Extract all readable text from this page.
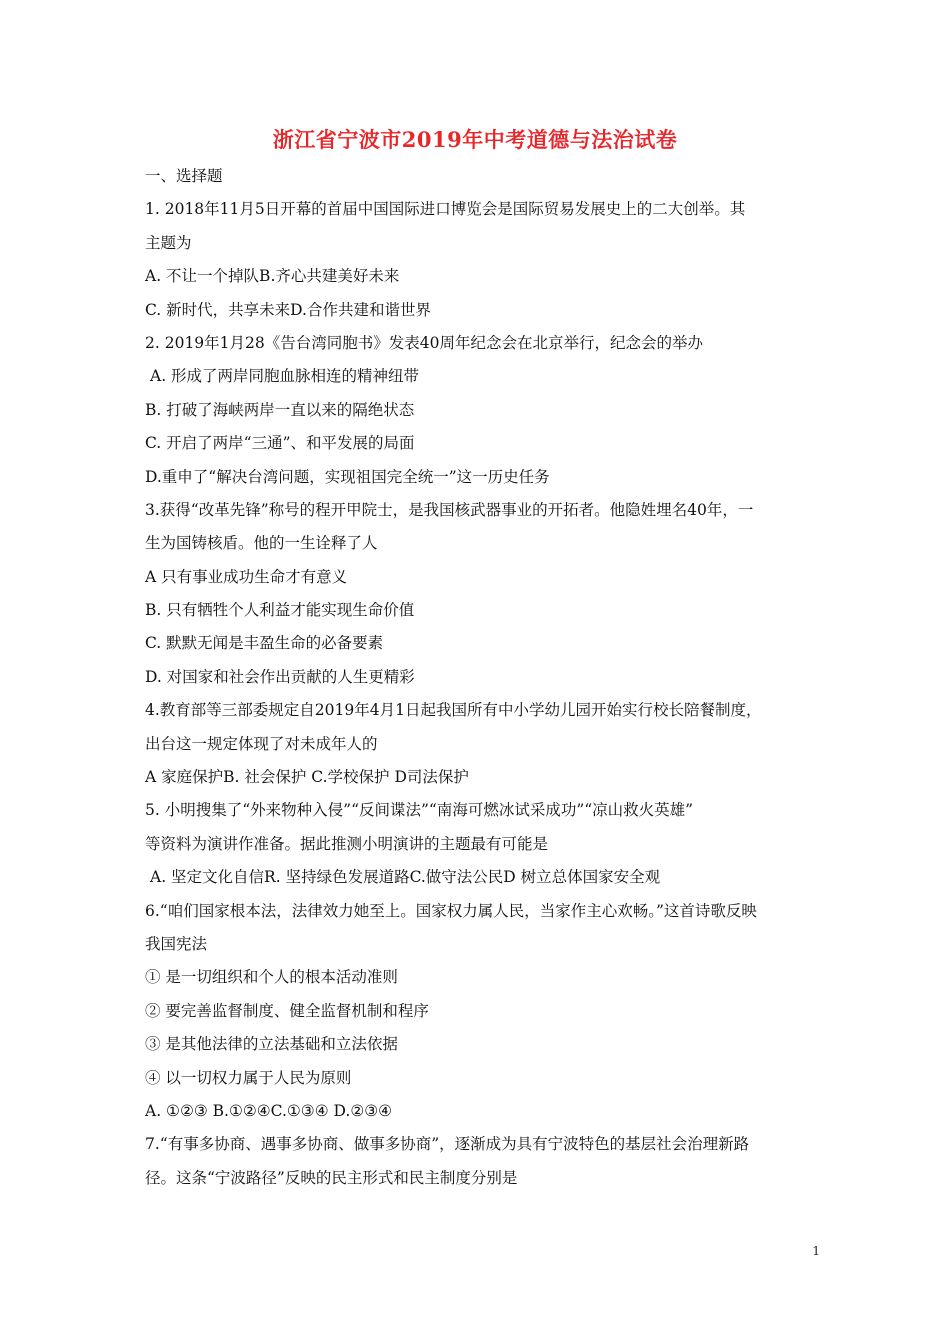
浙江省宁波市2019年中考道德与法治试卷
一、选择题
1. 2018年11月5日开幕的首届中国国际进口博览会是国际贸易发展史上的二大创举。其
主题为
A. 不让一个掉队B.齐心共建美好未来
C. 新时代，共享未来D.合作共建和谐世界
2. 2019年1月28《告台湾同胞书》发表40周年纪念会在北京举行，纪念会的举办
A. 形成了两岸同胞血脉相连的精神纽带
B. 打破了海峡两岸一直以来的隔绝状态
C. 开启了两岸“三通”、和平发展的局面
D.重申了“解决台湾问题，实现祖国完全统一”这一历史任务
3.获得“改革先锋”称号的程开甲院士，是我国核武器事业的开拓者。他隐姓埋名40年，一
生为国铸核盾。他的一生诠释了人
A 只有事业成功生命才有意义
B. 只有牺牲个人利益才能实现生命价值
C. 默默无闻是丰盈生命的必备要素
D. 对国家和社会作出贡献的人生更精彩
4.教育部等三部委规定自2019年4月1日起我国所有中小学幼儿园开始实行校长陪餐制度，
出台这一规定体现了对未成年人的
A 家庭保护B. 社会保护 C.学校保护 D司法保护
5. 小明搜集了“外来物种入侵”“反间谍法”“南海可燃冰试采成功”“凉山救火英雄”
等资料为演讲作准备。据此推测小明演讲的主题最有可能是
A. 坚定文化自信R. 坚持绿色发展道路C.做守法公民D 树立总体国家安全观
6.“咱们国家根本法，法律效力她至上。国家权力属人民，当家作主心欢畅。”这首诗歌反映
我国宪法
① 是一切组织和个人的根本活动准则
② 要完善监督制度、健全监督机制和程序
③ 是其他法律的立法基础和立法依据
④ 以一切权力属于人民为原则
A. ①②③ B.①②④C.①③④ D.②③④
7.“有事多协商、遇事多协商、做事多协商”，逐渐成为具有宁波特色的基层社会治理新路
径。这条“宁波路径”反映的民主形式和民主制度分别是
1
